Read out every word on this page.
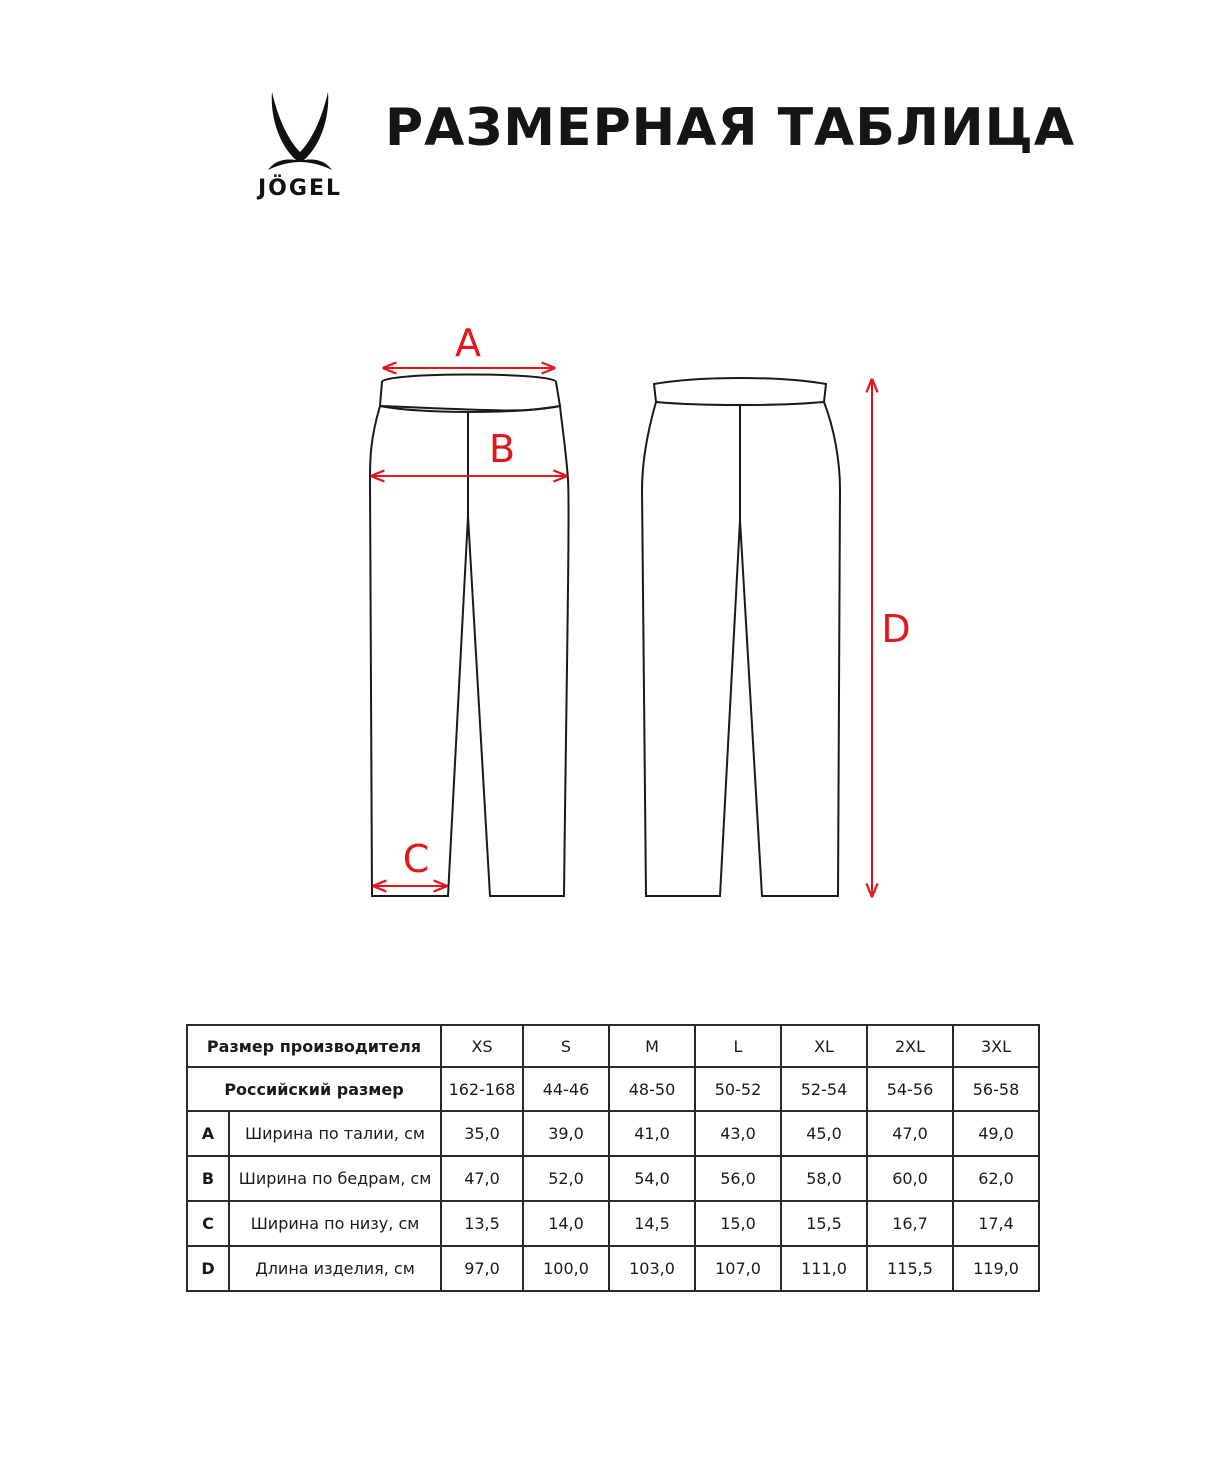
JÖGEL
РАЗМЕРНАЯ ТАБЛИЦА
A
B
C
D
Размер производителя		XS	S	M	L	XL	2XL	3XL
Российский размер		162-168	44-46	48-50	50-52	52-54	54-56	56-58
A	Ширина по талии, см	35,0	39,0	41,0	43,0	45,0	47,0	49,0
B	Ширина по бедрам, см	47,0	52,0	54,0	56,0	58,0	60,0	62,0
C	Ширина по низу, см	13,5	14,0	14,5	15,0	15,5	16,7	17,4
D	Длина изделия, см	97,0	100,0	103,0	107,0	111,0	115,5	119,0
